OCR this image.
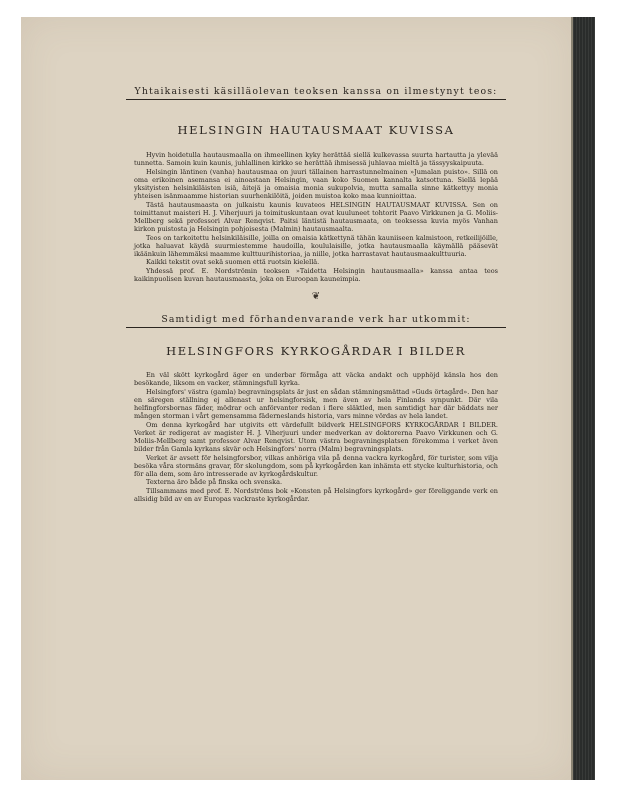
Yhtaikaisesti käsilläolevan teoksen kanssa on ilmestynyt teos:
HELSINGIN HAUTAUSMAAT KUVISSA

Hyvin hoidetulla hautausmaalla on ihmeellinen kyky herättää siellä kulkevassa suurta hartautta ja ylevää tunnetta. Samoin kuin kaunis, juhlallinen kirkko se herättää ihmisessä juhlavaa mieltä ja tässyyskaipuuta.

Helsingin läntinen (vanha) hautausmaa on juuri tällainen harrastunnelmainen »Jumalan puisto». Sillä on oma erikoinen asemansa ei ainoastaan Helsingin, vaan koko Suomen kannalta katsottuna. Siellä lepää yksityisten helsinkiläisten isiä, äitejä ja omaisia monia sukupolvia, mutta samalla sinne kätkettyy monia yhteisen isänmaamme historian suurhenkilöitä, joiden muistoa koko maa kunnioittaa.

Tästä hautausmaasta on julkaistu kaunis kuvateos HELSINGIN HAUTAUSMAAT KUVISSA. Sen on toimittanut maisteri H. J. Viherjuuri ja toimituskuntaan ovat kuuluneet tohtorit Paavo Virkkunen ja G. Moliis-Mellberg sekä professori Alvar Renqvist. Paitsi läntistä hautausmaata, on teoksessa kuvia myös Vanhan kirkon puistosta ja Helsingin pohjoisesta (Malmin) hautausmaalta.

Teos on tarkoitettu helsinkiläisille, joilla on omaisia kätkettynä tähän kauniiseen kalmistoon, retkeilijöille, jotka haluavat käydä suurmiestemme haudoilla, koululaisille, jotka hautausmaalla käymällä pääsevät ikäänkuin lähemmäksi maamme kulttuurihistoriaa, ja niille, jotka harrastavat hautausmaakulttuuria.

Kaikki tekstit ovat sekä suomen että ruotsin kielellä.

Yhdessä prof. E. Nordströmin teoksen »Taidetta Helsingin hautausmaalla» kanssa antaa teos kaikinpuolisen kuvan hautausmaasta, joka on Euroopan kauneimpia.

❦
Samtidigt med förhandenvarande verk har utkommit:
HELSINGFORS KYRKOGÅRDAR I BILDER

En väl skött kyrkogård äger en underbar förmåga att väcka andakt och upphöjd känsla hos den besökande, liksom en vacker, stämningsfull kyrka.

Helsingfors' västra (gamla) begravningsplats är just en sådan stämningsmättad »Guds örtagård». Den har en säregen ställning ej allenast ur helsingforsisk, men även av hela Finlands synpunkt. Där vila helfingforsbornas fäder, mödrar och anförvanter redan i flere släktled, men samtidigt har där bäddats ner mången storman i vårt gemensamma fäderneslands historia, vars minne vördas av hela landet.

Om denna kyrkogård har utgivits ett värdefullt bildverk HELSINGFORS KYRKOGÅRDAR I BILDER. Verket är redigerat av magister H. J. Viherjuuri under medverkan av doktorerna Paavo Virkkunen och G. Moliis-Mellberg samt professor Alvar Renqvist. Utom västra begravningsplatsen förekomma i verket även bilder från Gamla kyrkans skvär och Helsingfors' norra (Malm) begravningsplats.

Verket är avsett för helsingforsbor, vilkas anhöriga vila på denna vackra kyrkogård, för turister, som vilja besöka våra stormäns gravar, för skolungdom, som på kyrkogården kan inhämta ett stycke kulturhistoria, och för alla dem, som äro intresserade av kyrkogårdskultur.

Texterna äro både på finska och svenska.

Tillsammans med prof. E. Nordströms bok »Konsten på Helsingfors kyrkogård» ger föreliggande verk en allsidig bild av en av Europas vackraste kyrkogårdar.
